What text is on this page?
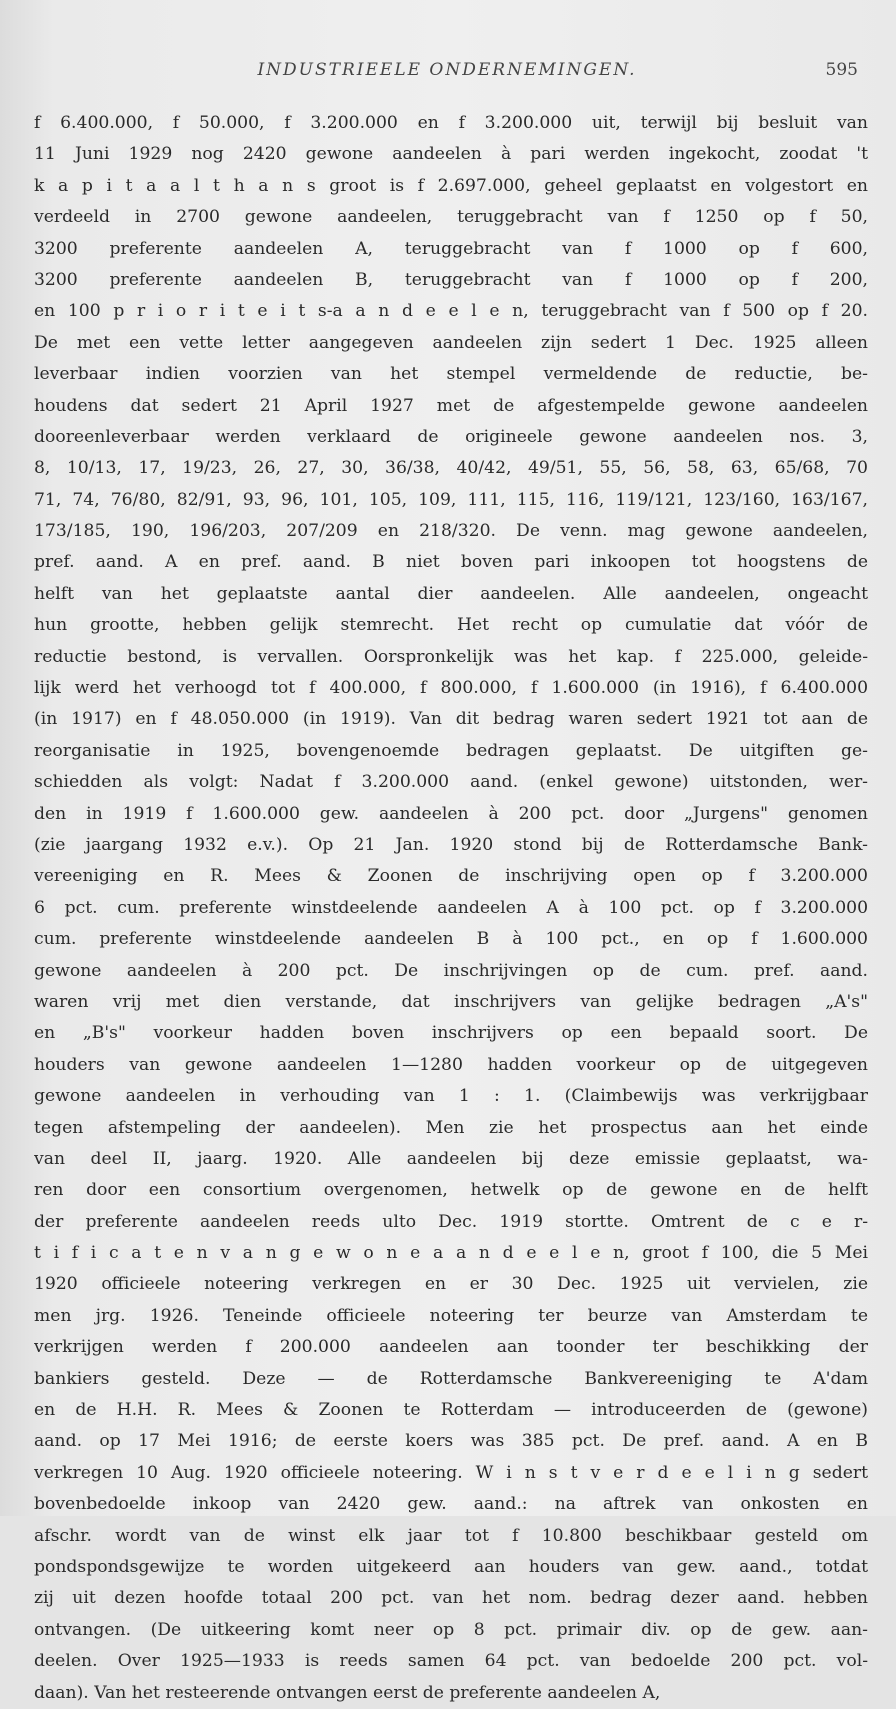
INDUSTRIEELE ONDERNEMINGEN.	595
f 6.400.000, f 50.000, f 3.200.000 en f 3.200.000 uit, terwijl bij besluit van
11 Juni 1929 nog 2420 gewone aandeelen à pari werden ingekocht, zoodat 't
k a p i t a a l t h a n s groot is f 2.697.000, geheel geplaatst en volgestort en
verdeeld in 2700 gewone aandeelen, teruggebracht van f 1250 op f 50,
3200 preferente aandeelen A, teruggebracht van f 1000 op f 600,
3200 preferente aandeelen B, teruggebracht van f 1000 op f 200,
en 100 p r i o r i t e i t s-a a n d e e l e n, teruggebracht van f 500 op f 20.
De met een vette letter aangegeven aandeelen zijn sedert 1 Dec. 1925 alleen
leverbaar indien voorzien van het stempel vermeldende de reductie, be-
houdens dat sedert 21 April 1927 met de afgestempelde gewone aandeelen
dooreenleverbaar werden verklaard de origineele gewone aandeelen nos. 3,
8, 10/13, 17, 19/23, 26, 27, 30, 36/38, 40/42, 49/51, 55, 56, 58, 63, 65/68, 70
71, 74, 76/80, 82/91, 93, 96, 101, 105, 109, 111, 115, 116, 119/121, 123/160, 163/167,
173/185, 190, 196/203, 207/209 en 218/320. De venn. mag gewone aandeelen,
pref. aand. A en pref. aand. B niet boven pari inkoopen tot hoogstens de
helft van het geplaatste aantal dier aandeelen. Alle aandeelen, ongeacht
hun grootte, hebben gelijk stemrecht. Het recht op cumulatie dat vóór de
reductie bestond, is vervallen. Oorspronkelijk was het kap. f 225.000, geleide-
lijk werd het verhoogd tot f 400.000, f 800.000, f 1.600.000 (in 1916), f 6.400.000
(in 1917) en f 48.050.000 (in 1919). Van dit bedrag waren sedert 1921 tot aan de
reorganisatie in 1925, bovengenoemde bedragen geplaatst. De uitgiften ge-
schiedden als volgt: Nadat f 3.200.000 aand. (enkel gewone) uitstonden, wer-
den in 1919 f 1.600.000 gew. aandeelen à 200 pct. door „Jurgens" genomen
(zie jaargang 1932 e.v.). Op 21 Jan. 1920 stond bij de Rotterdamsche Bank-
vereeniging en R. Mees & Zoonen de inschrijving open op f 3.200.000
6 pct. cum. preferente winstdeelende aandeelen A à 100 pct. op f 3.200.000
cum. preferente winstdeelende aandeelen B à 100 pct., en op f 1.600.000
gewone aandeelen à 200 pct. De inschrijvingen op de cum. pref. aand.
waren vrij met dien verstande, dat inschrijvers van gelijke bedragen „A's"
en „B's" voorkeur hadden boven inschrijvers op een bepaald soort. De
houders van gewone aandeelen 1—1280 hadden voorkeur op de uitgegeven
gewone aandeelen in verhouding van 1 : 1. (Claimbewijs was verkrijgbaar
tegen afstempeling der aandeelen). Men zie het prospectus aan het einde
van deel II, jaarg. 1920. Alle aandeelen bij deze emissie geplaatst, wa-
ren door een consortium overgenomen, hetwelk op de gewone en de helft
der preferente aandeelen reeds ulto Dec. 1919 stortte. Omtrent de c e r-
t i f i c a t e n v a n g e w o n e a a n d e e l e n, groot f 100, die 5 Mei
1920 officieele noteering verkregen en er 30 Dec. 1925 uit vervielen, zie
men jrg. 1926. Teneinde officieele noteering ter beurze van Amsterdam te
verkrijgen werden f 200.000 aandeelen aan toonder ter beschikking der
bankiers gesteld. Deze — de Rotterdamsche Bankvereeniging te A'dam
en de H.H. R. Mees & Zoonen te Rotterdam — introduceerden de (gewone)
aand. op 17 Mei 1916; de eerste koers was 385 pct. De pref. aand. A en B
verkregen 10 Aug. 1920 officieele noteering. W i n s t v e r d e e l i n g sedert
bovenbedoelde inkoop van 2420 gew. aand.: na aftrek van onkosten en
afschr. wordt van de winst elk jaar tot f 10.800 beschikbaar gesteld om
pondspondsgewijze te worden uitgekeerd aan houders van gew. aand., totdat
zij uit dezen hoofde totaal 200 pct. van het nom. bedrag dezer aand. hebben
ontvangen. (De uitkeering komt neer op 8 pct. primair div. op de gew. aan-
deelen. Over 1925—1933 is reeds samen 64 pct. van bedoelde 200 pct. vol-
daan). Van het resteerende ontvangen eerst de preferente aandeelen A,
